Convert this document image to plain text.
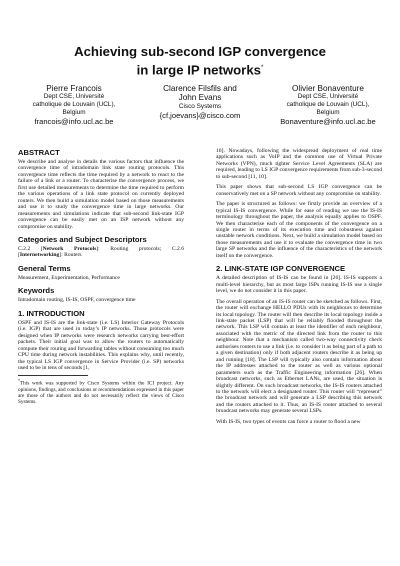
Achieving sub-second IGP convergence
in large IP networks*
Pierre Francois
Dept CSE, Université
catholique de Louvain (UCL),
Belgium
francois@info.ucl.ac.be
Clarence Filsfils and
John Evans
Cisco Systems
{cf,joevans}@cisco.com
Olivier Bonaventure
Dept CSE, Université
catholique de Louvain (UCL),
Belgium
Bonaventure@info.ucl.ac.be
ABSTRACT

We describe and analyse in details the various factors that influence the convergence time of intradomain link state routing protocols. This convergence time reflects the time required by a network to react to the failure of a link or a router. To characterise the convergence process, we first use detailed measurements to determine the time required to perform the various operations of a link state protocol on currently deployed routers. We then build a simulation model based on those measurements and use it to study the convergence time in large networks. Our measurements and simulations indicate that sub-second link-state IGP convergence can be easily met on an ISP network without any compromise on stability.

Categories and Subject Descriptors

C.2.2 [Network Protocols]: Routing protocols; C.2.6 [Internetworking]: Routers

General Terms

Measurement, Experimentation, Performance

Keywords

Intradomain routing, IS-IS, OSPF, convergence time

1. INTRODUCTION

OSPF and IS-IS are the link-state (i.e. LS) Interior Gateway Protocols (i.e. IGP) that are used in today’s IP networks. Those protocols were designed when IP networks were research networks carrying best-effort packets. Their initial goal was to allow the routers to automatically compute their routing and forwarding tables without consuming too much CPU time during network instabilities. This explains why, until recently, the typical LS IGP convergence in Service Provider (i.e. SP) networks used to be in tens of seconds [1,

*This work was supported by Cisco Systems within the ICI project. Any opinions, findings, and conclusions or recommendations expressed in this paper are those of the authors and do not necessarily reflect the views of Cisco Systems.

16]. Nowadays, following the widespread deployment of real time applications such as VoIP and the common use of Virtual Private Networks (VPN), much tighter Service Level Agreements (SLA) are required, leading to LS IGP convergence requirements from sub-3-second to sub-second [11, 10].

This paper shows that sub-second LS IGP convergence can be conservatively met on a SP network without any compromise on stability.

The paper is structured as follows: we firstly provide an overview of a typical IS-IS convergence. While for ease of reading we use the IS-IS terminology throughout the paper, the analysis equally applies to OSPF. We then characterise each of the components of the convergence on a single router in terms of its execution time and robustness against unstable network conditions. Next, we build a simulation model based on those measurements and use it to evaluate the convergence time in two large SP networks and the influence of the characteristics of the network itself on the convergence.

2. LINK-STATE IGP CONVERGENCE

A detailed description of IS-IS can be found in [26]. IS-IS supports a multi-level hierarchy, but as most large ISPs running IS-IS use a single level, we do not consider it in this paper.

The overall operation of an IS-IS router can be sketched as follows. First, the router will exchange HELLO PDUs with its neighbours to determine its local topology. The router will then describe its local topology inside a link-state packet (LSP) that will be reliably flooded throughout the network. This LSP will contain at least the identifier of each neighbour, associated with the metric of the directed link from the router to this neighbour. Note that a mechanism called two-way connectivity check authorises routers to use a link (i.e. to consider it as being part of a path to a given destination) only if both adjacent routers describe it as being up and running [18]. The LSP will typically also contain information about the IP addresses attached to the router as well as various optional parameters such as the Traffic Engineering information [26]. When broadcast networks, such as Ethernet LANs, are used, the situation is slightly different. On such broadcast networks, the IS-IS routers attached to the network will elect a designated router. This router will “represent” the broadcast network and will generate a LSP describing this network and the routers attached to it. Thus, an IS-IS router attached to several broadcast networks may generate several LSPs.

With IS-IS, two types of events can force a router to flood a new
